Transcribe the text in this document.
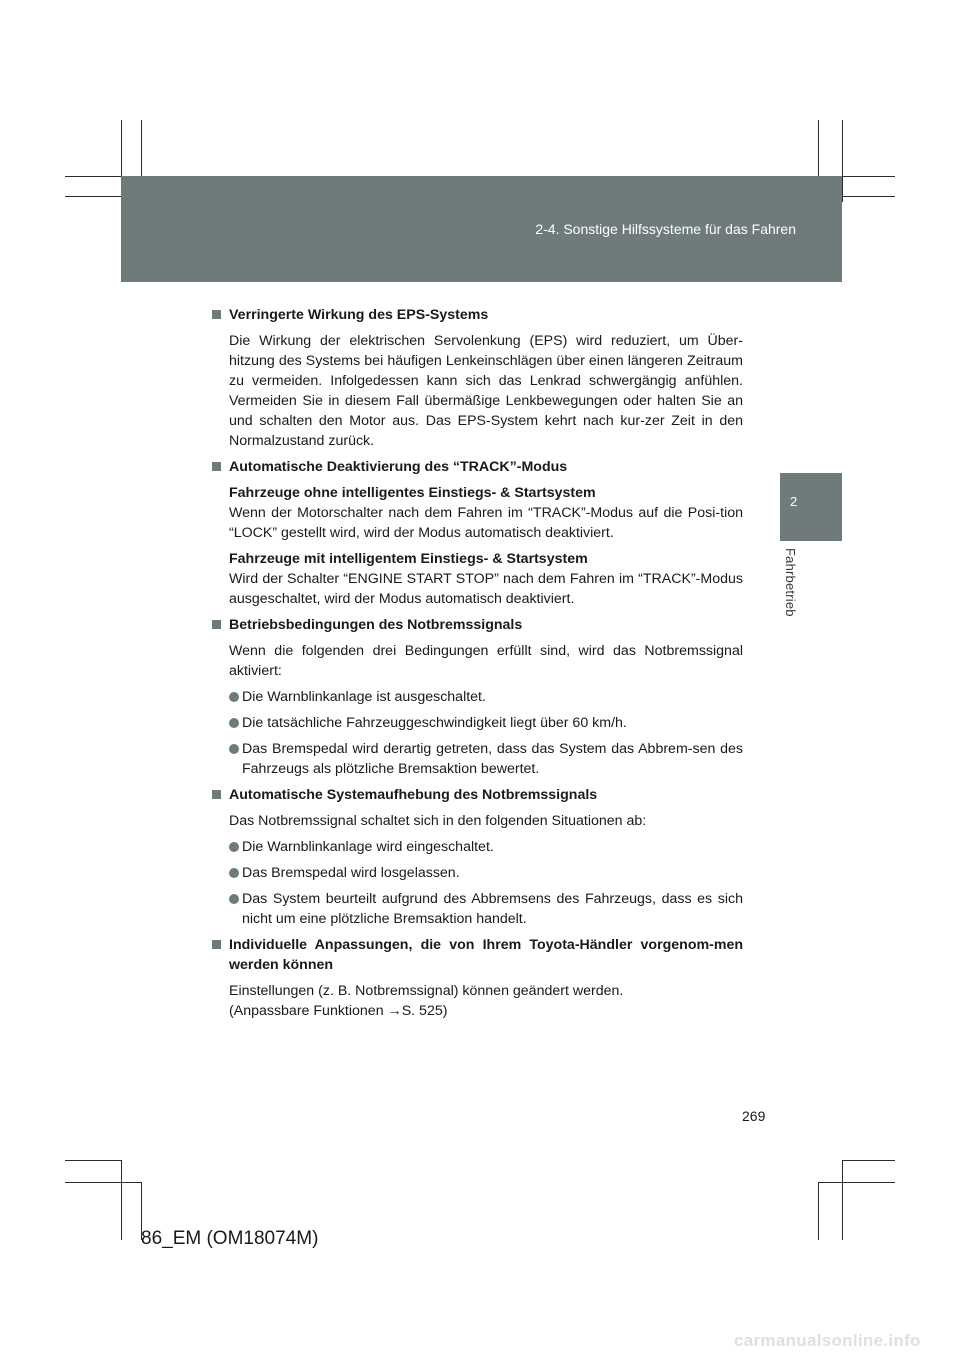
2-4. Sonstige Hilfssysteme für das Fahren
2
Fahrbetrieb
Verringerte Wirkung des EPS-Systems
Die Wirkung der elektrischen Servolenkung (EPS) wird reduziert, um Über-hitzung des Systems bei häufigen Lenkeinschlägen über einen längeren Zeitraum zu vermeiden. Infolgedessen kann sich das Lenkrad schwergängig anfühlen. Vermeiden Sie in diesem Fall übermäßige Lenkbewegungen oder halten Sie an und schalten den Motor aus. Das EPS-System kehrt nach kur-zer Zeit in den Normalzustand zurück.
Automatische Deaktivierung des “TRACK”-Modus
Fahrzeuge ohne intelligentes Einstiegs- & Startsystem
Wenn der Motorschalter nach dem Fahren im “TRACK”-Modus auf die Posi-tion “LOCK” gestellt wird, wird der Modus automatisch deaktiviert.
Fahrzeuge mit intelligentem Einstiegs- & Startsystem
Wird der Schalter “ENGINE START STOP” nach dem Fahren im “TRACK”-Modus ausgeschaltet, wird der Modus automatisch deaktiviert.
Betriebsbedingungen des Notbremssignals
Wenn die folgenden drei Bedingungen erfüllt sind, wird das Notbremssignal aktiviert:
Die Warnblinkanlage ist ausgeschaltet.
Die tatsächliche Fahrzeuggeschwindigkeit liegt über 60 km/h.
Das Bremspedal wird derartig getreten, dass das System das Abbrem-sen des Fahrzeugs als plötzliche Bremsaktion bewertet.
Automatische Systemaufhebung des Notbremssignals
Das Notbremssignal schaltet sich in den folgenden Situationen ab:
Die Warnblinkanlage wird eingeschaltet.
Das Bremspedal wird losgelassen.
Das System beurteilt aufgrund des Abbremsens des Fahrzeugs, dass es sich nicht um eine plötzliche Bremsaktion handelt.
Individuelle Anpassungen, die von Ihrem Toyota-Händler vorgenom-men werden können
Einstellungen (z. B. Notbremssignal) können geändert werden.
(Anpassbare Funktionen →S. 525)
269
86_EM (OM18074M)
carmanualsonline.info
